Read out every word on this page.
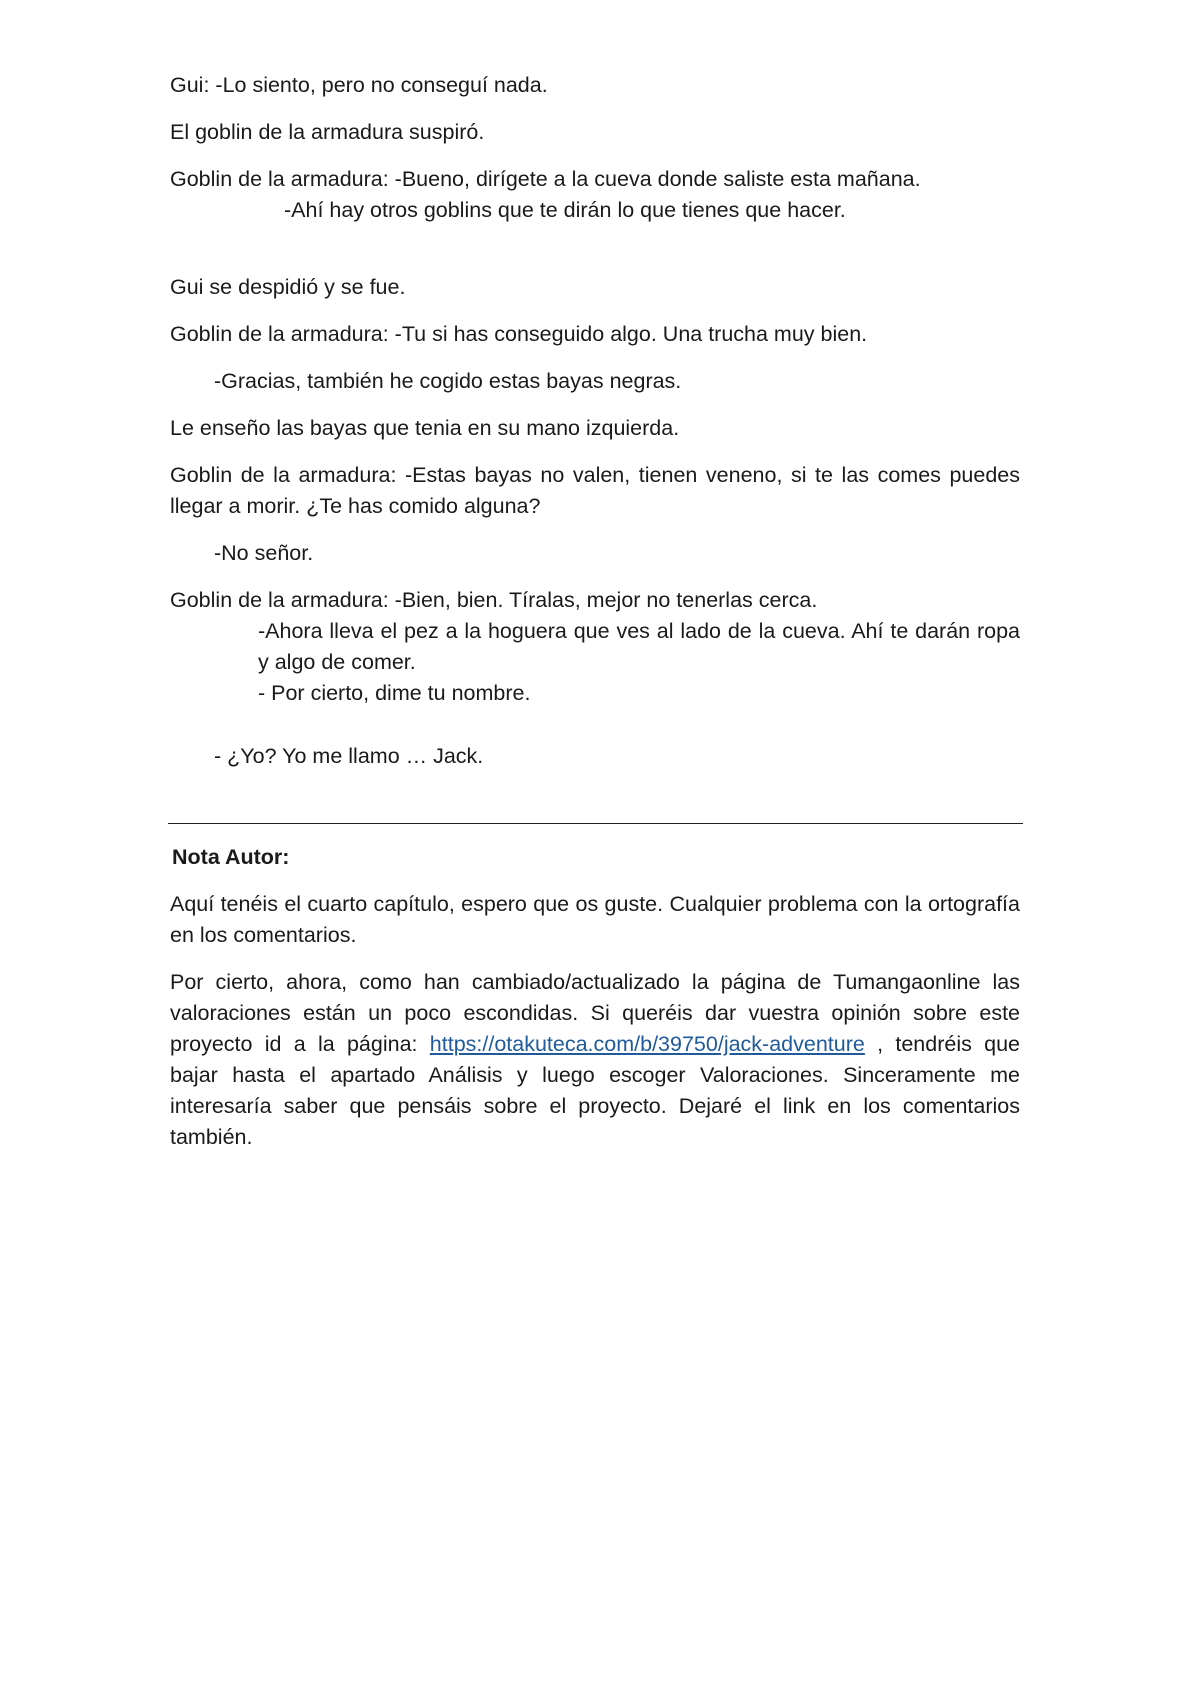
Gui: -Lo siento, pero no conseguí nada.

El goblin de la armadura suspiró.

Goblin de la armadura: -Bueno, dirígete a la cueva donde saliste esta mañana.

-Ahí hay otros goblins que te dirán lo que tienes que hacer.

Gui se despidió y se fue.

Goblin de la armadura: -Tu si has conseguido algo. Una trucha muy bien.

-Gracias, también he cogido estas bayas negras.

Le enseño las bayas que tenia en su mano izquierda.

Goblin de la armadura: -Estas bayas no valen, tienen veneno, si te las comes puedes llegar a morir. ¿Te has comido alguna?

-No señor.

Goblin de la armadura: -Bien, bien. Tíralas, mejor no tenerlas cerca.

-Ahora lleva el pez a la hoguera que ves al lado de la cueva. Ahí te darán ropa y algo de comer.

- Por cierto, dime tu nombre.

- ¿Yo? Yo me llamo … Jack.

Nota Autor:

Aquí tenéis el cuarto capítulo, espero que os guste. Cualquier problema con la ortografía en los comentarios.

Por cierto, ahora, como han cambiado/actualizado la página de Tumangaonline las valoraciones están un poco escondidas. Si queréis dar vuestra opinión sobre este proyecto id a la página: https://otakuteca.com/b/39750/jack-adventure , tendréis que bajar hasta el apartado Análisis y luego escoger Valoraciones. Sinceramente me interesaría saber que pensáis sobre el proyecto. Dejaré el link en los comentarios también.
